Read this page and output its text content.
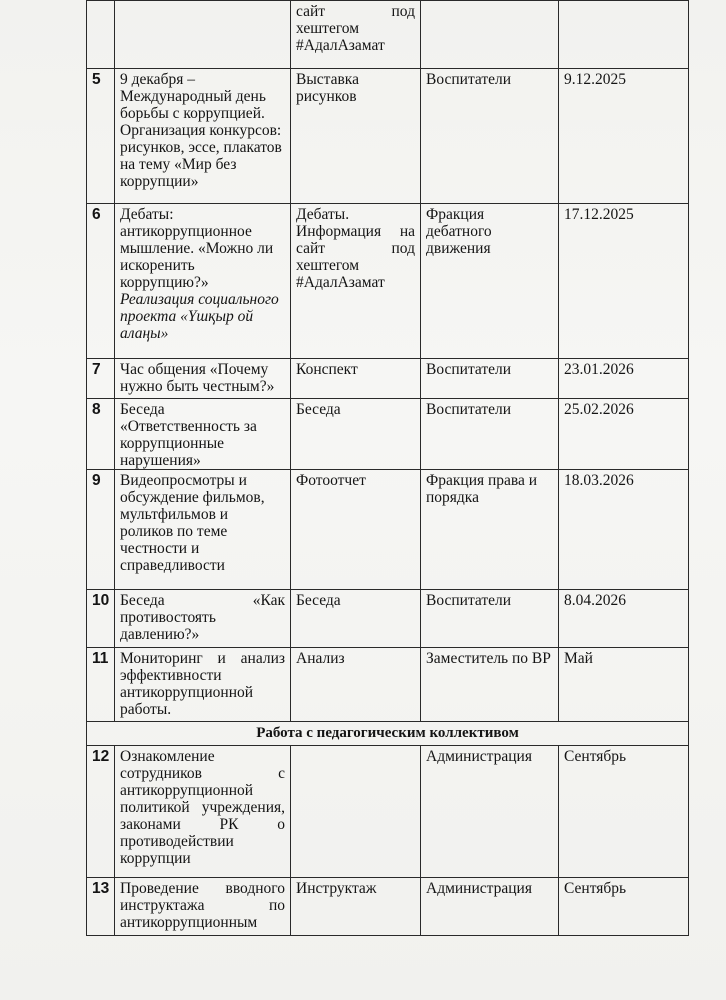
		сайт под хештегом #АдалАзамат		
5	9 декабря – Международный день борьбы с коррупцией. Организация конкурсов: рисунков, эссе, плакатов на тему «Мир без коррупции»	Выставка рисунков	Воспитатели	9.12.2025
6	Дебаты: антикоррупционное мышление. «Можно ли искоренить коррупцию?»
Реализация социального проекта «Үшқыр ой алаңы»	Дебаты. Информация на сайт под хештегом #АдалАзамат	Фракция дебатного движения	17.12.2025
7	Час общения «Почему нужно быть честным?»	Конспект	Воспитатели	23.01.2026
8	Беседа «Ответственность за коррупционные нарушения»	Беседа	Воспитатели	25.02.2026
9	Видеопросмотры и обсуждение фильмов, мультфильмов и роликов по теме честности и справедливости	Фотоотчет	Фракция права и порядка	18.03.2026
10	Беседа «Как противостоять давлению?»	Беседа	Воспитатели	8.04.2026
11	Мониторинг и анализ эффективности антикоррупционной работы.	Анализ	Заместитель по ВР	Май
Работа с педагогическим коллективом				
12	Ознакомление сотрудников с антикоррупционной политикой учреждения, законами РК о противодействии коррупции		Администрация	Сентябрь
13	Проведение вводного инструктажа по антикоррупционным	Инструктаж	Администрация	Сентябрь
